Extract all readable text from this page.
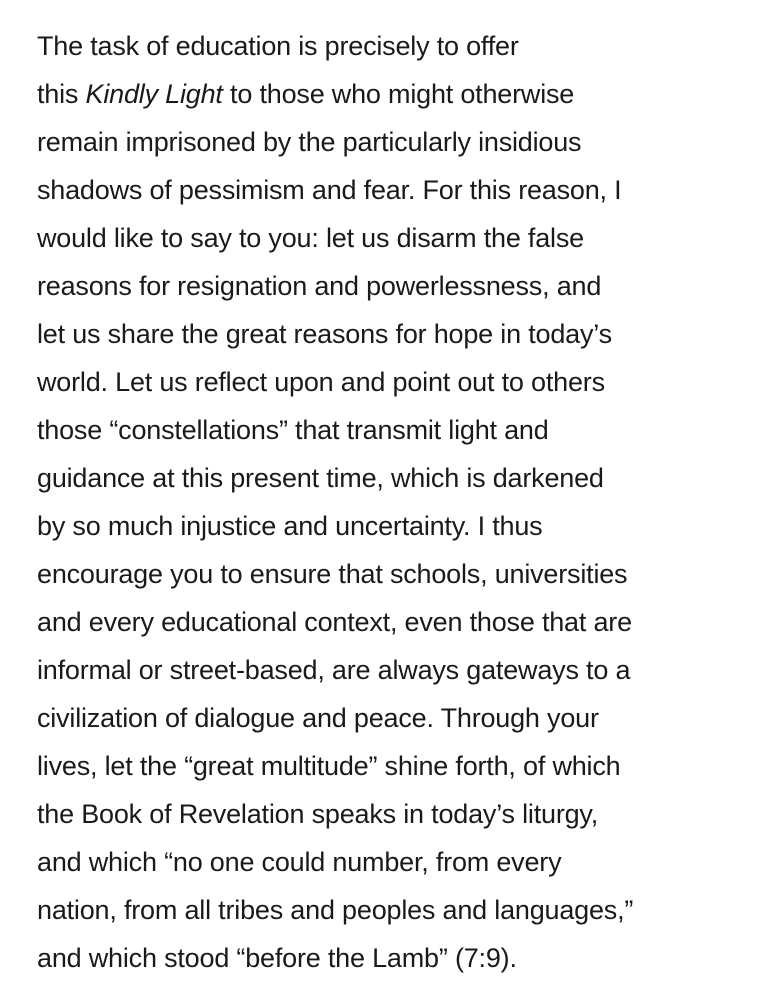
The task of education is precisely to offer
this Kindly Light to those who might otherwise
remain imprisoned by the particularly insidious
shadows of pessimism and fear. For this reason, I
would like to say to you: let us disarm the false
reasons for resignation and powerlessness, and
let us share the great reasons for hope in today’s
world. Let us reflect upon and point out to others
those “constellations” that transmit light and
guidance at this present time, which is darkened
by so much injustice and uncertainty. I thus
encourage you to ensure that schools, universities
and every educational context, even those that are
informal or street-based, are always gateways to a
civilization of dialogue and peace. Through your
lives, let the “great multitude” shine forth, of which
the Book of Revelation speaks in today’s liturgy,
and which “no one could number, from every
nation, from all tribes and peoples and languages,”
and which stood “before the Lamb” (7:9).
